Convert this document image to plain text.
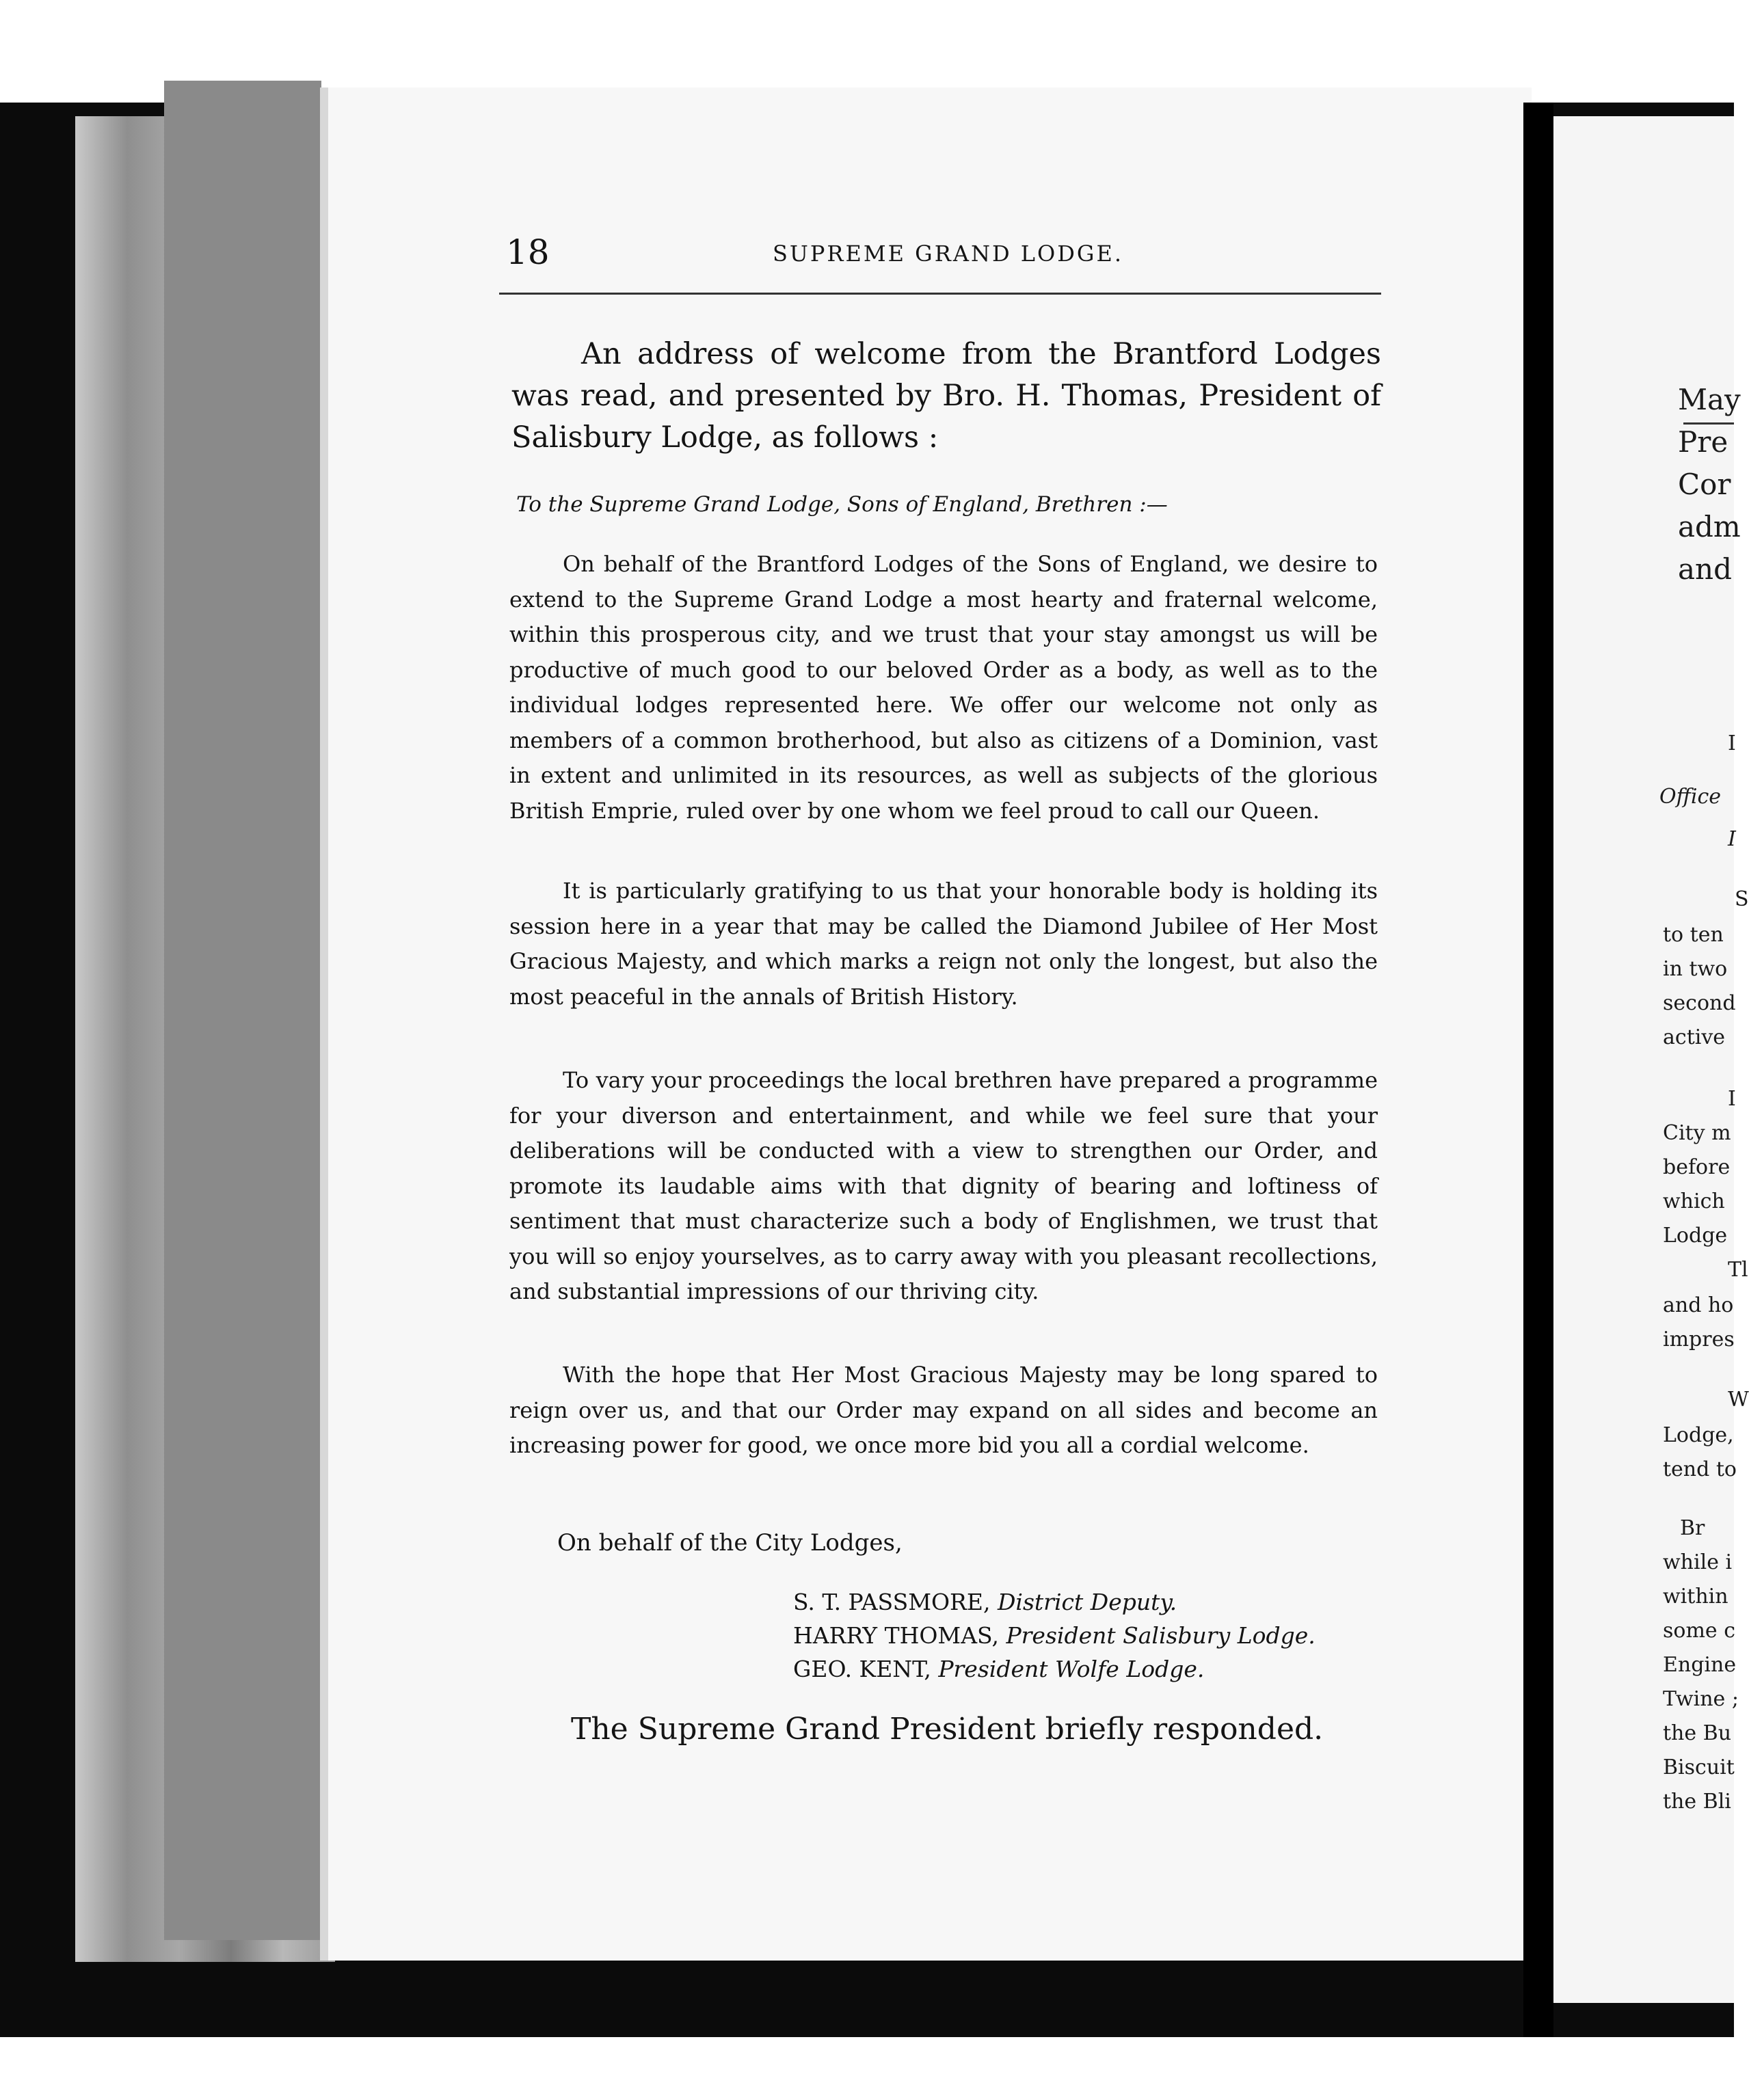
18	SUPREME GRAND LODGE.
An address of welcome from the Brantford Lodges was read, and presented by Bro. H. Thomas, President of Salisbury Lodge, as follows :
To the Supreme Grand Lodge, Sons of England, Brethren :—
On behalf of the Brantford Lodges of the Sons of England, we desire to extend to the Supreme Grand Lodge a most hearty and fraternal welcome, within this prosperous city, and we trust that your stay amongst us will be productive of much good to our beloved Order as a body, as well as to the individual lodges represented here. We offer our welcome not only as members of a common brotherhood, but also as citizens of a Dominion, vast in extent and unlimited in its resources, as well as subjects of the glorious British Emprie, ruled over by one whom we feel proud to call our Queen.
It is particularly gratifying to us that your honorable body is holding its session here in a year that may be called the Diamond Jubilee of Her Most Gracious Majesty, and which marks a reign not only the longest, but also the most peaceful in the annals of British History.
To vary your proceedings the local brethren have prepared a programme for your diverson and entertainment, and while we feel sure that your deliberations will be conducted with a view to strengthen our Order, and promote its laudable aims with that dignity of bearing and loftiness of sentiment that must characterize such a body of Englishmen, we trust that you will so enjoy yourselves, as to carry away with you pleasant recollections, and substantial impressions of our thriving city.
With the hope that Her Most Gracious Majesty may be long spared to reign over us, and that our Order may expand on all sides and become an increasing power for good, we once more bid you all a cordial welcome.
On behalf of the City Lodges,
S. T. PASSMORE, District Deputy.
HARRY THOMAS, President Salisbury Lodge.
GEO. KENT, President Wolfe Lodge.
The Supreme Grand President briefly responded.
May
Pre
Cor
adm
and
I
Office
I
S
to ten
in two
second
active
I
City m
before
which
Lodge
Tl
and ho
impres
W
Lodge,
tend to
Br
while i
within
some c
Engine
Twine ;
the Bu
Biscuit
the Bli
